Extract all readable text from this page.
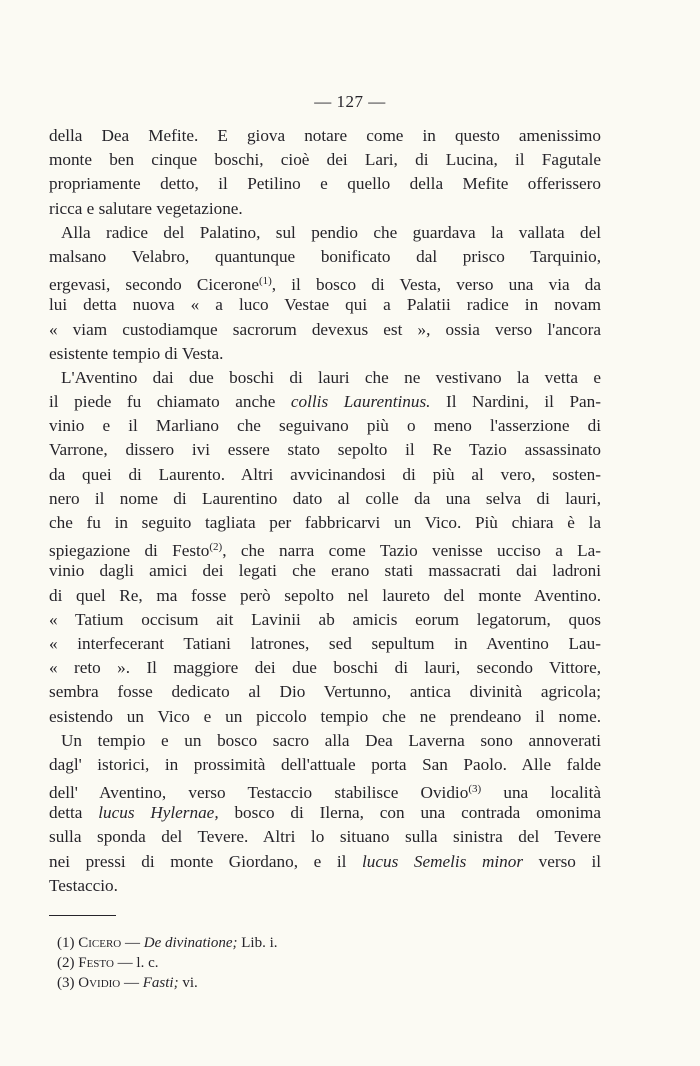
— 127 —
della Dea Mefite. E giova notare come in questo amenissimo
monte ben cinque boschi, cioè dei Lari, di Lucina, il Fagutale
propriamente detto, il Petilino e quello della Mefite offerissero
ricca e salutare vegetazione.
Alla radice del Palatino, sul pendio che guardava la vallata del
malsano Velabro, quantunque bonificato dal prisco Tarquinio,
ergevasi, secondo Cicerone$^{(1)}$, il bosco di Vesta, verso una via da
lui detta nuova « a luco Vestae qui a Palatii radice in novam
« viam custodiamque sacrorum devexus est », ossia verso l'ancora
esistente tempio di Vesta.
L'Aventino dai due boschi di lauri che ne vestivano la vetta e
il piede fu chiamato anche collis Laurentinus. Il Nardini, il Pan-
vinio e il Marliano che seguivano più o meno l'asserzione di
Varrone, dissero ivi essere stato sepolto il Re Tazio assassinato
da quei di Laurento. Altri avvicinandosi di più al vero, sosten-
nero il nome di Laurentino dato al colle da una selva di lauri,
che fu in seguito tagliata per fabbricarvi un Vico. Più chiara è la
spiegazione di Festo$^{(2)}$, che narra come Tazio venisse ucciso a La-
vinio dagli amici dei legati che erano stati massacrati dai ladroni
di quel Re, ma fosse però sepolto nel laureto del monte Aventino.
« Tatium occisum ait Lavinii ab amicis eorum legatorum, quos
« interfecerant Tatiani latrones, sed sepultum in Aventino Lau-
« reto ». Il maggiore dei due boschi di lauri, secondo Vittore,
sembra fosse dedicato al Dio Vertunno, antica divinità agricola;
esistendo un Vico e un piccolo tempio che ne prendeano il nome.
Un tempio e un bosco sacro alla Dea Laverna sono annoverati
dagl' istorici, in prossimità dell'attuale porta San Paolo. Alle falde
dell' Aventino, verso Testaccio stabilisce Ovidio$^{(3)}$ una località
detta lucus Hylernae, bosco di Ilerna, con una contrada omonima
sulla sponda del Tevere. Altri lo situano sulla sinistra del Tevere
nei pressi di monte Giordano, e il lucus Semelis minor verso il
Testaccio.
(1) Cicero — De divinatione; Lib. i.
(2) Festo — l. c.
(3) Ovidio — Fasti; vi.
